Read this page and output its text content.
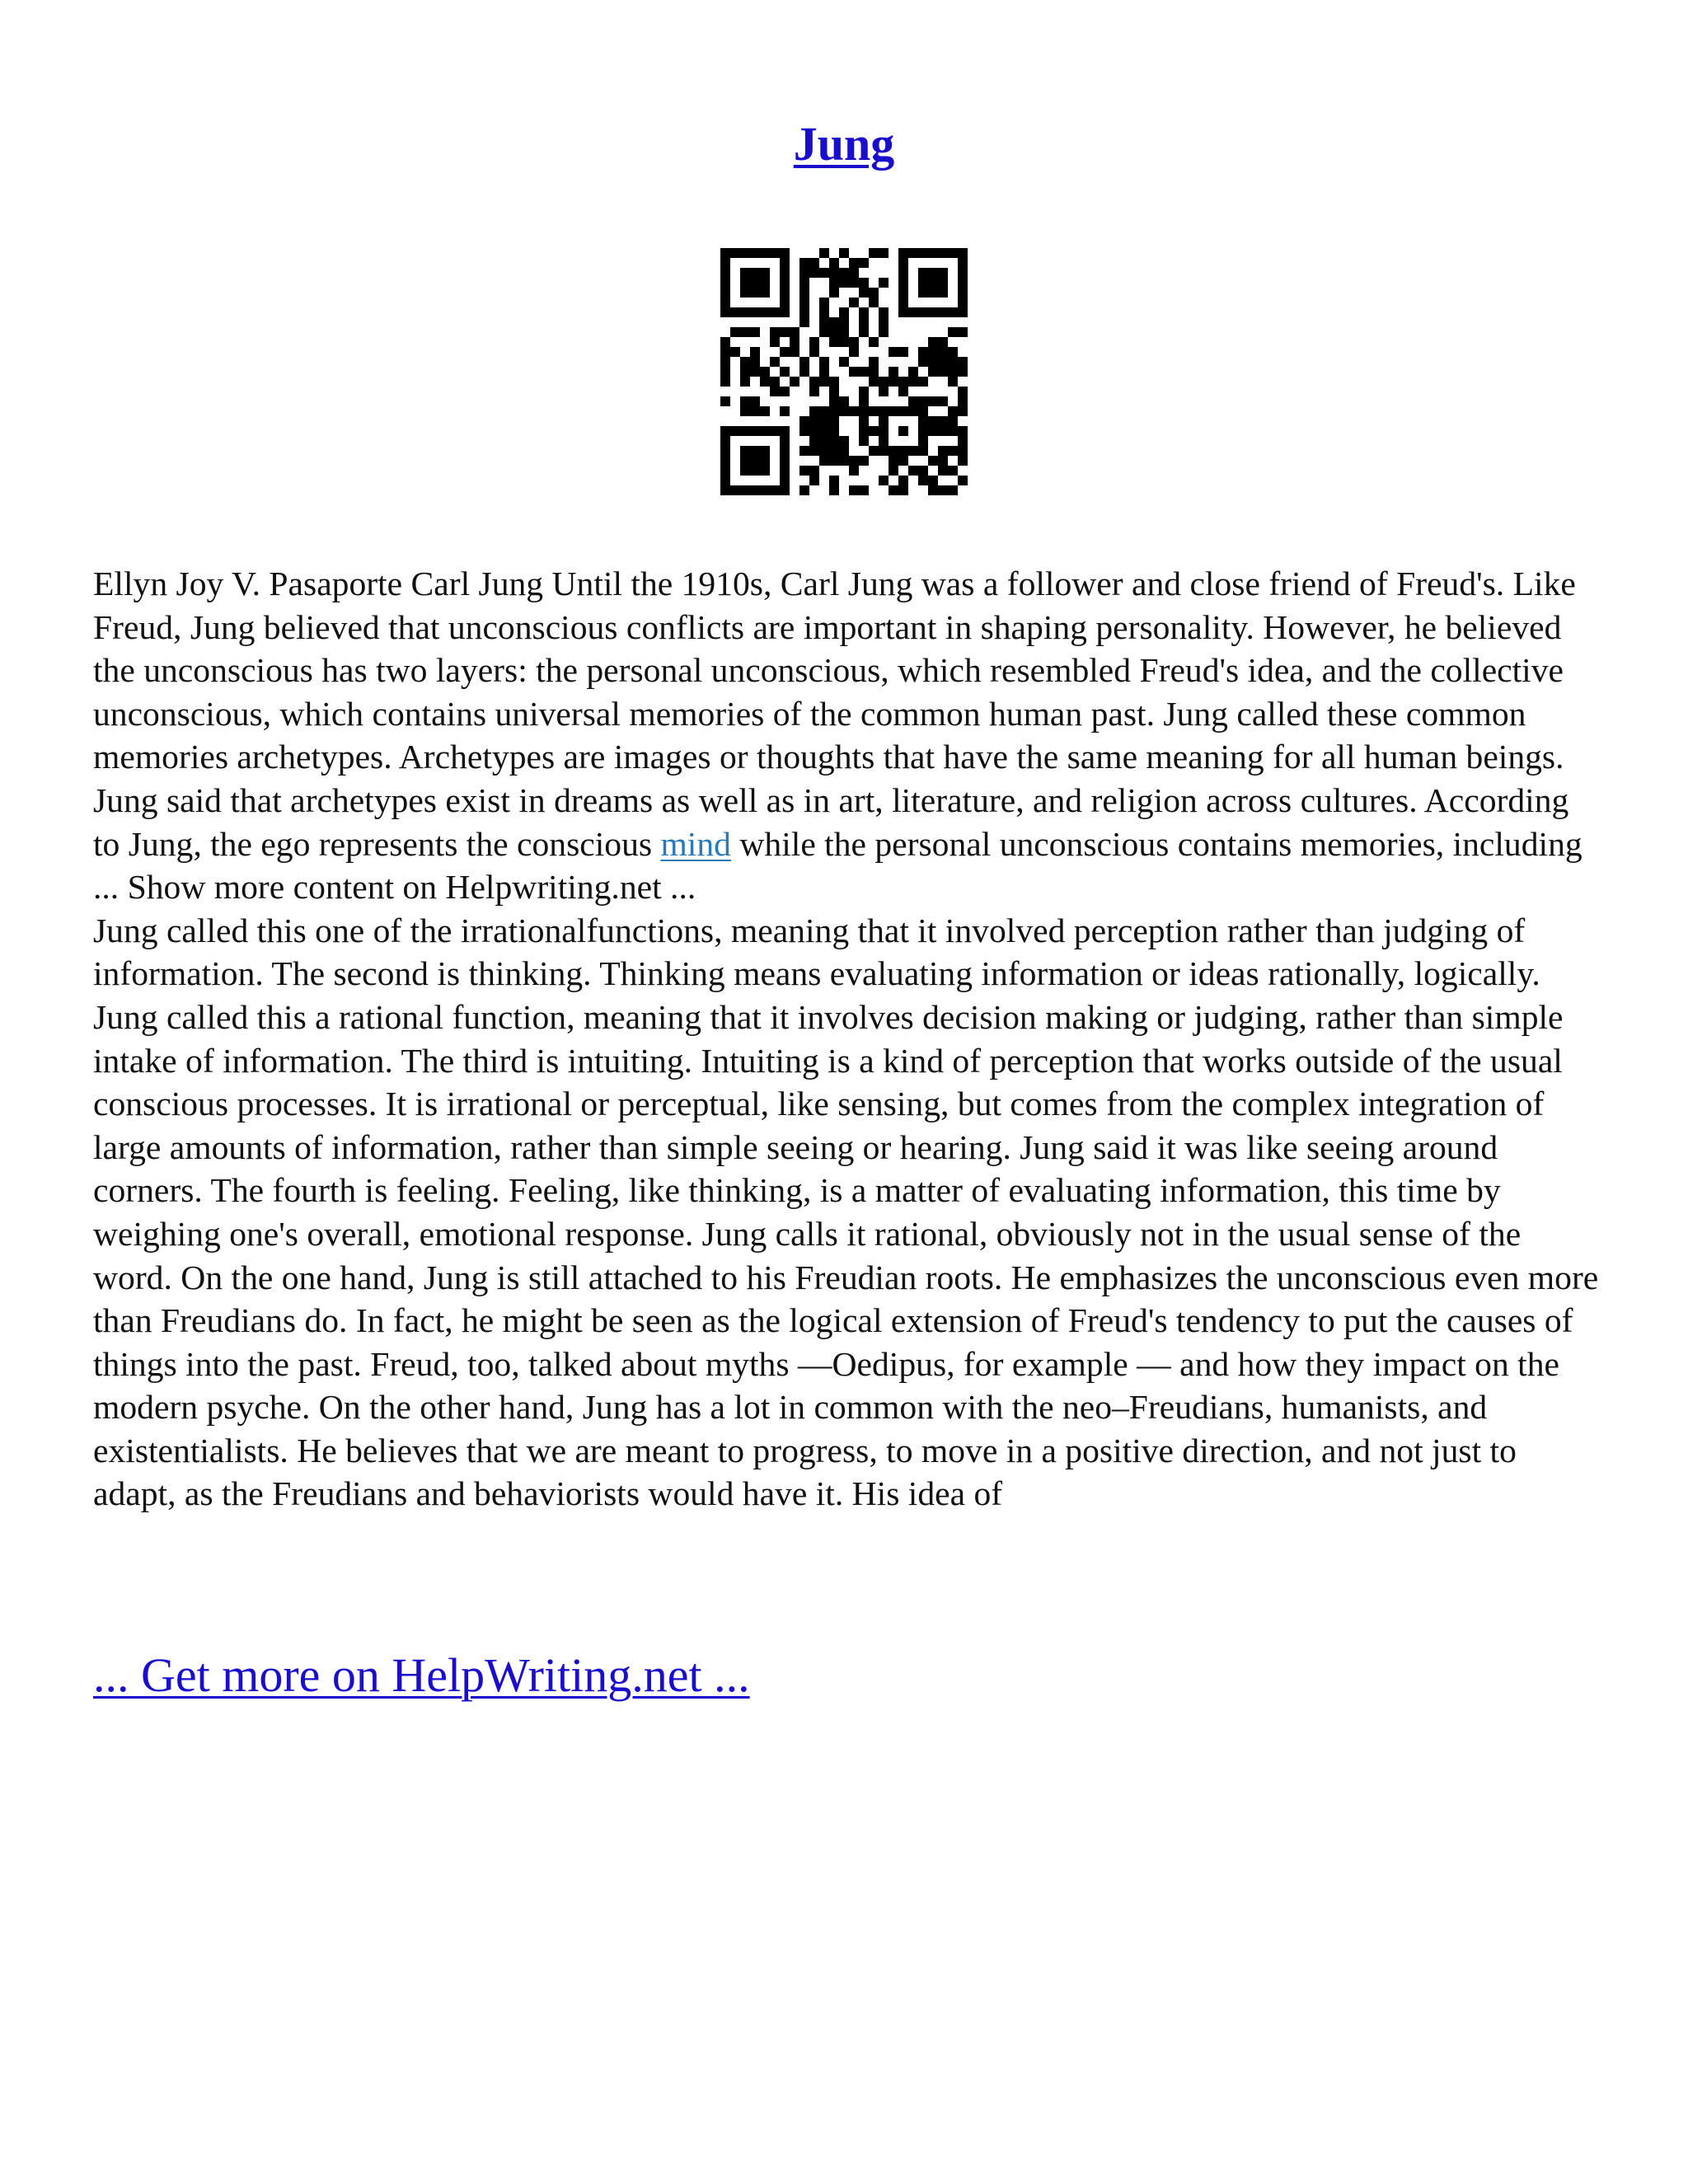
Jung

Ellyn Joy V. Pasaporte Carl Jung Until the 1910s, Carl Jung was a follower and close friend of Freud's. Like Freud, Jung believed that unconscious conflicts are important in shaping personality. However, he believed the unconscious has two layers: the personal unconscious, which resembled Freud's idea, and the collective unconscious, which contains universal memories of the common human past. Jung called these common memories archetypes. Archetypes are images or thoughts that have the same meaning for all human beings. Jung said that archetypes exist in dreams as well as in art, literature, and religion across cultures. According to Jung, the ego represents the conscious mind while the personal unconscious contains memories, including ... Show more content on Helpwriting.net ...

Jung called this one of the irrationalfunctions, meaning that it involved perception rather than judging of information. The second is thinking. Thinking means evaluating information or ideas rationally, logically. Jung called this a rational function, meaning that it involves decision making or judging, rather than simple intake of information. The third is intuiting. Intuiting is a kind of perception that works outside of the usual conscious processes. It is irrational or perceptual, like sensing, but comes from the complex integration of large amounts of information, rather than simple seeing or hearing. Jung said it was like seeing around corners. The fourth is feeling. Feeling, like thinking, is a matter of evaluating information, this time by weighing one's overall, emotional response. Jung calls it rational, obviously not in the usual sense of the word. On the one hand, Jung is still attached to his Freudian roots. He emphasizes the unconscious even more than Freudians do. In fact, he might be seen as the logical extension of Freud's tendency to put the causes of things into the past. Freud, too, talked about myths —Oedipus, for example — and how they impact on the modern psyche. On the other hand, Jung has a lot in common with the neo–Freudians, humanists, and existentialists. He believes that we are meant to progress, to move in a positive direction, and not just to adapt, as the Freudians and behaviorists would have it. His idea of

... Get more on HelpWriting.net ...
